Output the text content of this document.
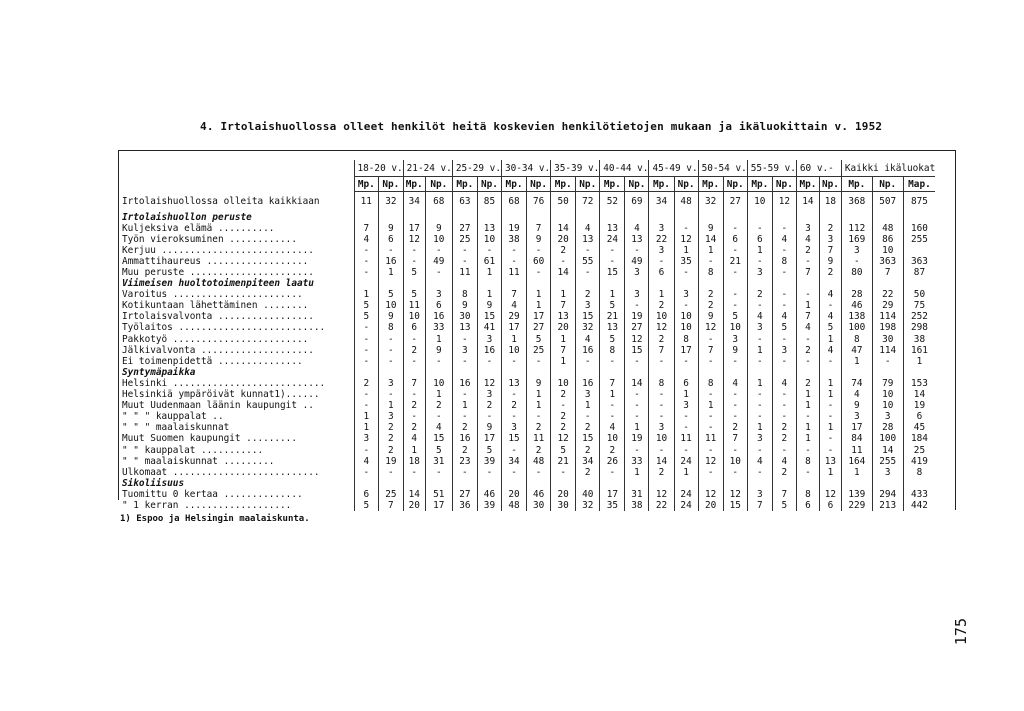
4. Irtolaishuollossa olleet henkilöt heitä koskevien henkilötietojen mukaan ja ikäluokittain v. 1952
	18-20 v.		21-24 v.		25-29 v.		30-34 v.		35-39 v.		40-44 v.		45-49 v.		50-54 v.		55-59 v.		60 v.-		Kaikki ikäluokat		
	Mp.	Np.	Mp.	Np.	Mp.	Np.	Mp.	Np.	Mp.	Np.	Mp.	Np.	Mp.	Np.	Mp.	Np.	Mp.	Np.	Mp.	Np.	Mp.	Np.	Map.
Irtolaishuollossa olleita kaikkiaan	11	32	34	68	63	85	68	76	50	72	52	69	34	48	32	27	10	12	14	18	368	507	875
Irtolaishuollon peruste																							
Kuljeksiva elämä ..........	7	9	17	9	27	13	19	7	14	4	13	4	3	-	9	-	-	-	3	2	112	48	160
Työn vieroksuminen ............	4	6	12	10	25	10	38	9	20	13	24	13	22	12	14	6	6	4	4	3	169	86	255
Kerjuu ...........................	-	-	-	-	-	-	-	-	2	-	-	-	3	1	1	-	1	-	2	7	3	10	
Ammattihaureus ..................	-	16	-	49	-	61	-	60	-	55	-	49	-	35	-	21	-	8	-	9	-	363	363
Muu peruste ......................	-	1	5	-	11	1	11	-	14	-	15	3	6	-	8	-	3	-	7	2	80	7	87
Viimeisen huoltotoimenpiteen laatu																							
Varoitus .......................	1	5	5	3	8	1	7	1	1	2	1	3	1	3	2	-	2	-	-	4	28	22	50
Kotikuntaan lähettäminen ........	5	10	11	6	9	9	4	1	7	3	5	-	2	-	2	-	-	-	1	-	46	29	75
Irtolaisvalvonta .................	5	9	10	16	30	15	29	17	13	15	21	19	10	10	9	5	4	4	7	4	138	114	252
Työlaitos ..........................	-	8	6	33	13	41	17	27	20	32	13	27	12	10	12	10	3	5	4	5	100	198	298
Pakkotyö ........................	-	-	-	1	-	3	1	5	1	4	5	12	2	8	-	3	-	-	-	1	8	30	38
Jälkivalvonta ....................	-	-	2	9	3	16	10	25	7	16	8	15	7	17	7	9	1	3	2	4	47	114	161
Ei toimenpidettä ...............	-	-	-	-	-	-	-	-	1	-	-	-	-	-	-	-	-	-	-	-	1	-	1
Syntymäpaikka																							
Helsinki ...........................	2	3	7	10	16	12	13	9	10	16	7	14	8	6	8	4	1	4	2	1	74	79	153
Helsinkiä ympäröivät kunnat1)......	-	-	-	1	-	3	-	1	2	3	1	-	-	1	-	-	-	-	1	1	4	10	14
Muut Uudenmaan läänin kaupungit ..	-	1	2	2	1	2	2	1	-	1	-	-	-	3	1	-	-	-	1	-	9	10	19
" " " kauppalat ..	1	3	-	-	-	-	-	-	2	-	-	-	-	-	-	-	-	-	-	-	3	3	6
" " " maalaiskunnat	1	2	2	4	2	9	3	2	2	2	4	1	3	-	-	2	1	2	1	1	17	28	45
Muut Suomen kaupungit .........	3	2	4	15	16	17	15	11	12	15	10	19	10	11	11	7	3	2	1	-	84	100	184
" " kauppalat ...........	-	2	1	5	2	5	-	2	5	2	2	-	-	-	-	-	-	-	-	-	11	14	25
" " maalaiskunnat .........	4	19	18	31	23	39	34	48	21	34	26	33	14	24	12	10	4	4	8	13	164	255	419
Ulkomaat ..........................	-	-	-	-	-	-	-	-	-	2	-	1	2	1	-	-	-	2	-	1	1	3	8
Sikoliisuus																							
Tuomittu 0 kertaa ..............	6	25	14	51	27	46	20	46	20	40	17	31	12	24	12	12	3	7	8	12	139	294	433
" 1 kerran ...................	5	7	20	17	36	39	48	30	30	32	35	38	22	24	20	15	7	5	6	6	229	213	442
1) Espoo ja Helsingin maalaiskunta.
175
